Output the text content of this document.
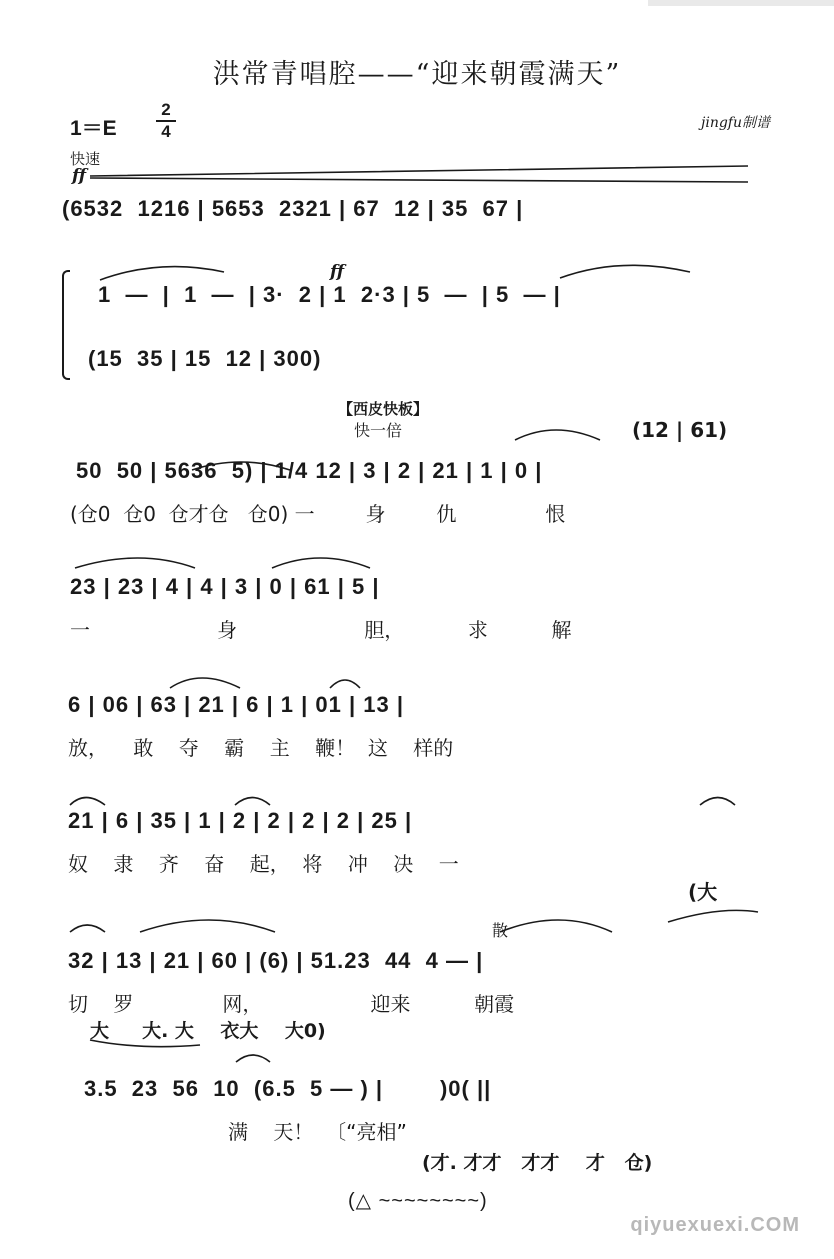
洪常青唱腔——“迎来朝霞满天”
1＝E
2
4	jingfu制谱
快速
ff
(6532  1216 | 5653  2321 | 67  12 | 35  67 |
ff
1  —  |  1  —  | 3·  2 | 1  2·3 | 5  —  | 5  — |
(15  35 | 15  12 | 300)
【西皮快板】
快一倍	(12 | 61)
50  50 | 5636  5) | 1/4 12 | 3 | 2 | 21 | 1 | 0 |
(仓0  仓0  仓才仓   仓0) 一        身        仇              恨
23 | 23 | 4 | 4 | 3 | 0 | 61 | 5 |
一                    身                    胆，          求          解
6 | 06 | 63 | 21 | 6 | 1 | 01 | 13 |
放，    敢    夺    霸    主    鞭！  这    样的
21 | 6 | 35 | 1 | 2 | 2 | 2 | 2 | 25 |
奴    隶    齐    奋    起，  将    冲    决    一
(大
散
32 | 13 | 21 | 60 | (6) | 51.23  44  4 — |
切    罗              网，                 迎来          朝霞
大     大. 大    衣大    大0)
3.5  23  56  10  (6.5  5 — ) |        )0( ||
满    天！  〔“亮相”
(才. 才才   才才    才   仓)
(△ ~~~~~~~~)
qiyuexuexi.COM
